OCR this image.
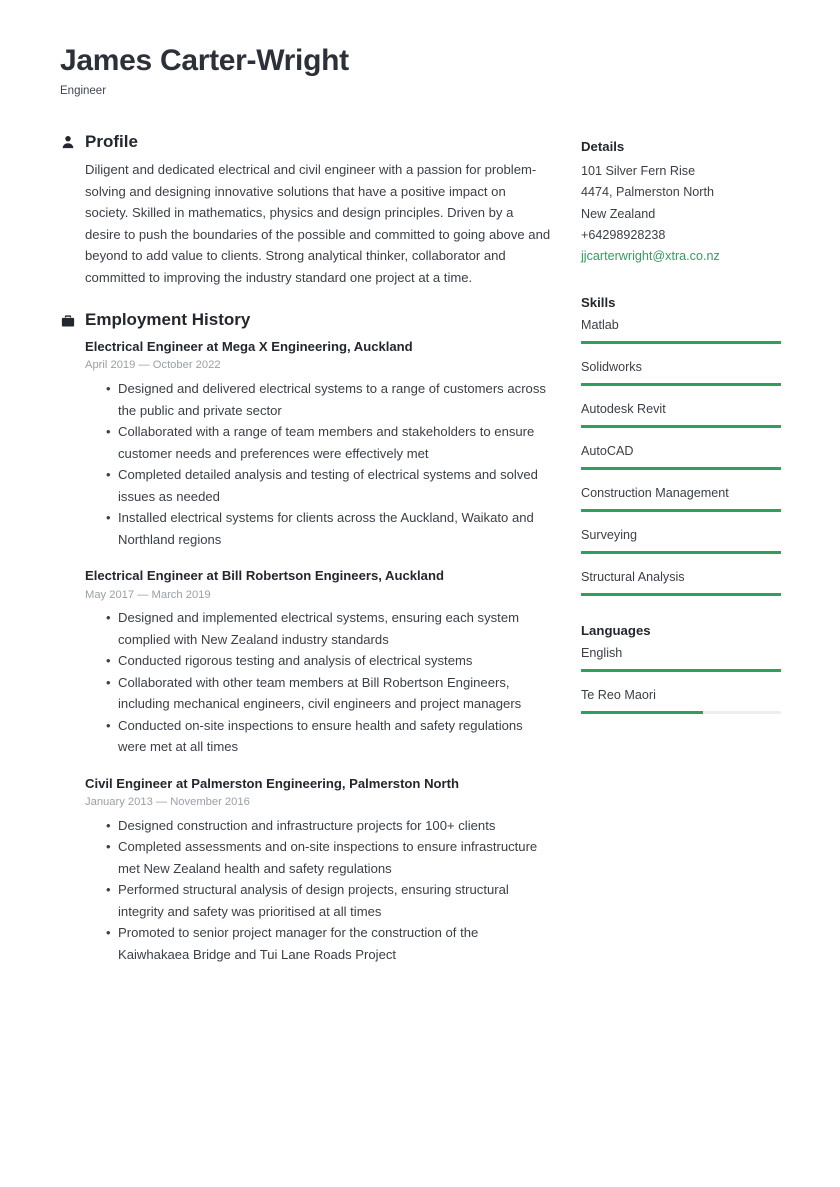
James Carter-Wright
Engineer
Profile

Diligent and dedicated electrical and civil engineer with a passion for problem-solving and designing innovative solutions that have a positive impact on society. Skilled in mathematics, physics and design principles. Driven by a desire to push the boundaries of the possible and committed to going above and beyond to add value to clients. Strong analytical thinker, collaborator and committed to improving the industry standard one project at a time.

Employment History
Electrical Engineer at Mega X Engineering, Auckland
April 2019 — October 2022
• Designed and delivered electrical systems to a range of customers across the public and private sector
• Collaborated with a range of team members and stakeholders to ensure customer needs and preferences were effectively met
• Completed detailed analysis and testing of electrical systems and solved issues as needed
• Installed electrical systems for clients across the Auckland, Waikato and Northland regions
Electrical Engineer at Bill Robertson Engineers, Auckland
May 2017 — March 2019
• Designed and implemented electrical systems, ensuring each system complied with New Zealand industry standards
• Conducted rigorous testing and analysis of electrical systems
• Collaborated with other team members at Bill Robertson Engineers, including mechanical engineers, civil engineers and project managers
• Conducted on-site inspections to ensure health and safety regulations were met at all times
Civil Engineer at Palmerston Engineering, Palmerston North
January 2013 — November 2016
• Designed construction and infrastructure projects for 100+ clients
• Completed assessments and on-site inspections to ensure infrastructure met New Zealand health and safety regulations
• Performed structural analysis of design projects, ensuring structural integrity and safety was prioritised at all times
• Promoted to senior project manager for the construction of the Kaiwhakaea Bridge and Tui Lane Roads Project
Details
101 Silver Fern Rise
4474, Palmerston North
New Zealand
+64298928238
jjcarterwright@xtra.co.nz
Skills
Matlab
Solidworks
Autodesk Revit
AutoCAD
Construction Management
Surveying
Structural Analysis
Languages
English
Te Reo Maori
